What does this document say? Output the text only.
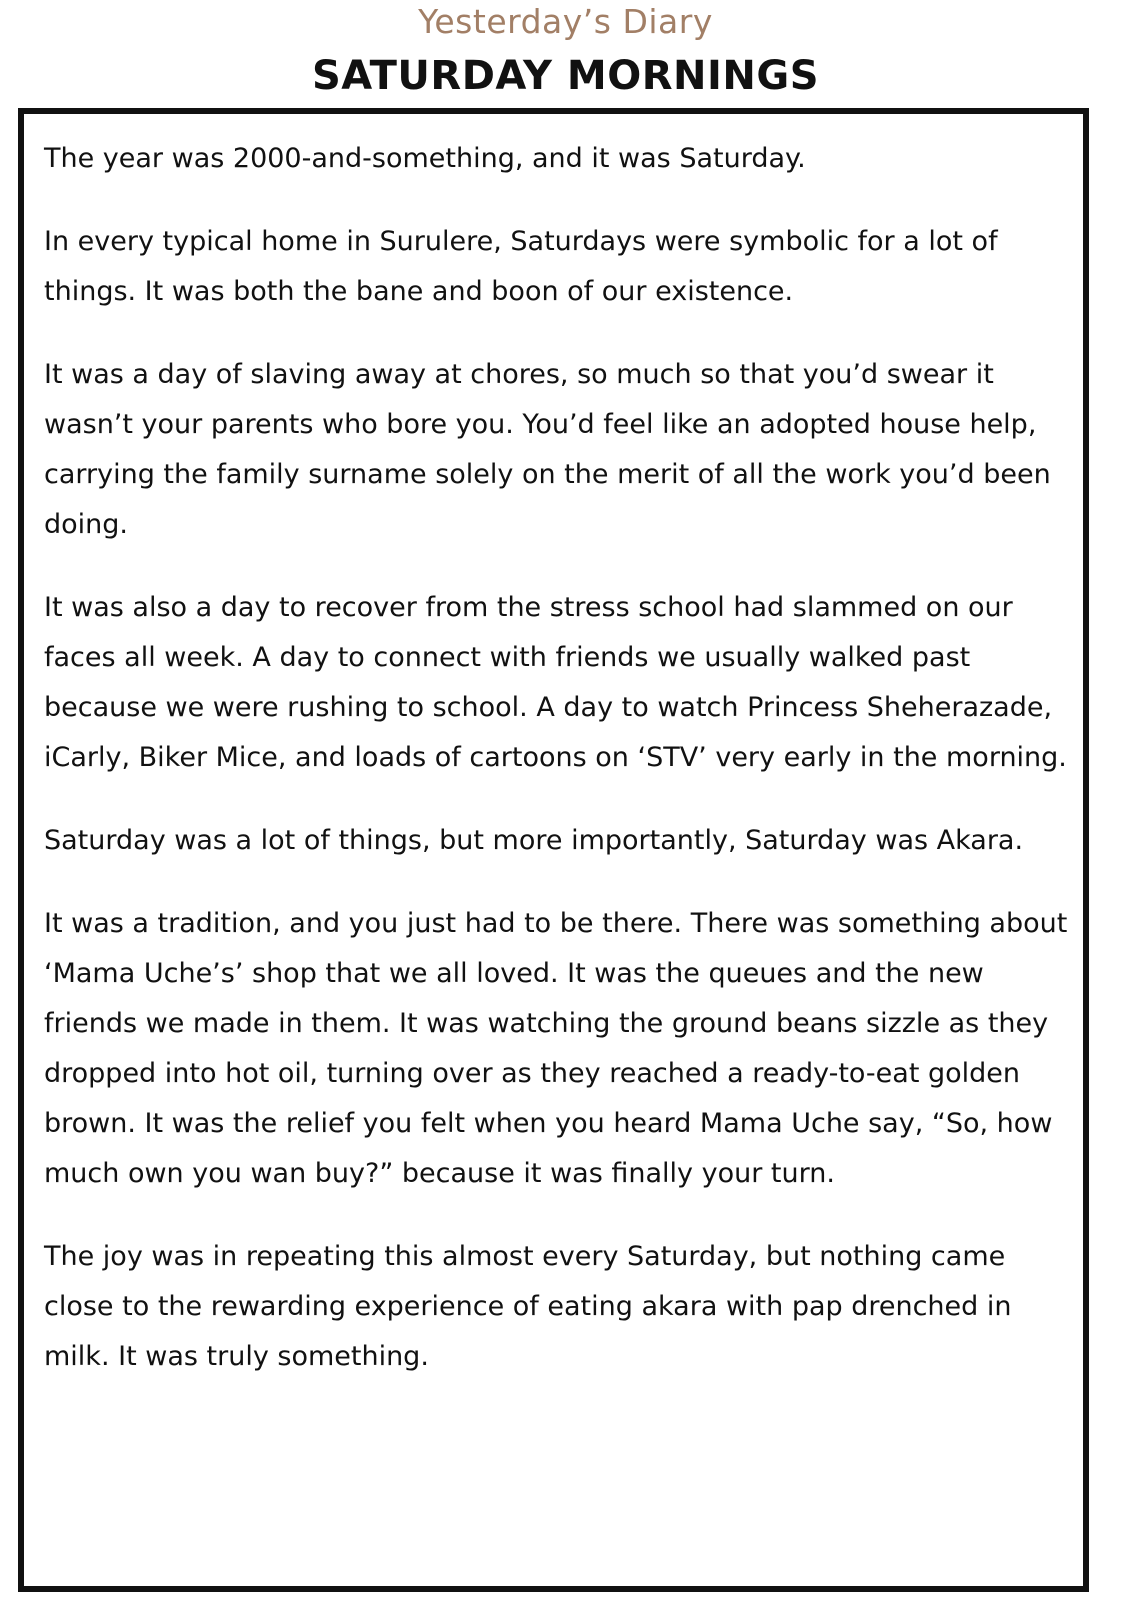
Yesterday’s Diary
SATURDAY MORNINGS

The year was 2000-and-something, and it was Saturday.

In every typical home in Surulere, Saturdays were symbolic for a lot of things. It was both the bane and boon of our existence.

It was a day of slaving away at chores, so much so that you’d swear it wasn’t your parents who bore you. You’d feel like an adopted house help, carrying the family surname solely on the merit of all the work you’d been doing.

It was also a day to recover from the stress school had slammed on our faces all week. A day to connect with friends we usually walked past because we were rushing to school. A day to watch Princess Sheherazade, iCarly, Biker Mice, and loads of cartoons on ‘STV’ very early in the morning.

Saturday was a lot of things, but more importantly, Saturday was Akara.

It was a tradition, and you just had to be there. There was something about ‘Mama Uche’s’ shop that we all loved. It was the queues and the new friends we made in them. It was watching the ground beans sizzle as they dropped into hot oil, turning over as they reached a ready-to-eat golden brown. It was the relief you felt when you heard Mama Uche say, “So, how much own you wan buy?” because it was finally your turn.

The joy was in repeating this almost every Saturday, but nothing came close to the rewarding experience of eating akara with pap drenched in milk. It was truly something.
